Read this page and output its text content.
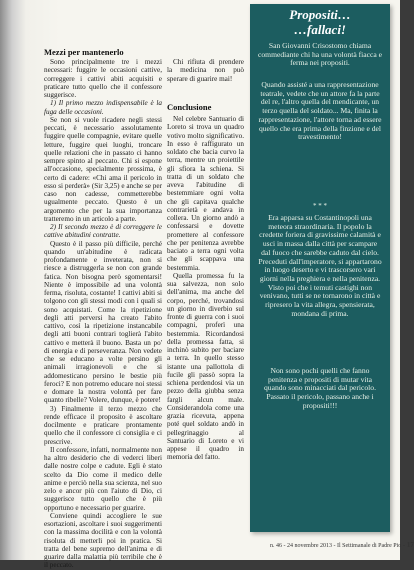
Mezzi per mantenerlo

Sono principalmente tre i mezzi necessari: fuggire le occasioni cattive, correggere i cattivi abiti acquisiti e praticare tutto quello che il confessore suggerisce.

1) Il primo mezzo indispensabile è la fuga delle occasioni.

Se non si vuole ricadere negli stessi peccati, è necessario assolutamente fuggire quelle compagnie, evitare quelle letture, fuggire quei luoghi, troncare quelle relazioni che in passato ci hanno sempre spinto al peccato. Chi si espone all'occasione, specialmente prossima, è certo di cadere: «Chi ama il pericolo in esso si perderà» (Sir 3,25) e anche se per caso non cadesse, commetterebbe ugualmente peccato. Questo è un argomento che per la sua importanza tratteremo in un articolo a parte.

2) Il secondo mezzo è di correggere le cattive abitudini contratte.

Questo è il passo più difficile, perché quando un'abitudine è radicata profondamente e inveterata, non si riesce a distruggerla se non con grande fatica. Non bisogna però sgomentarsi! Niente è impossibile ad una volontà ferma, risoluta, costante! I cattivi abiti si tolgono con gli stessi modi con i quali si sono acquistati. Come la ripetizione degli atti perversi ha creato l'abito cattivo, così la ripetizione instancabile degli atti buoni contrari toglierà l'abito cattivo e metterà il buono. Basta un po' di energia e di perseveranza. Non vedete che se educano a volte persino gli animali irragionevoli e che si addomesticano persino le bestie più feroci? E non potremo educare noi stessi e domare la nostra volontà per fare quanto ribelle? Volere, dunque, è potere!

3) Finalmente il terzo mezzo che rende efficace il proposito è ascoltare docilmente e praticare prontamente quello che il confessore ci consiglia e ci prescrive.

Il confessore, infatti, normalmente non ha altro desiderio che di vederci liberi dalle nostre colpe e cadute. Egli è stato scelto da Dio come il medico delle anime e perciò nella sua scienza, nel suo zelo e ancor più con l'aiuto di Dio, ci suggerisce tutto quello che è più opportuno e necessario per guarire.

Conviene quindi accogliere le sue esortazioni, ascoltare i suoi suggerimenti con la massima docilità e con la volontà risoluta di metterli poi in pratica. Si tratta del bene supremo dell'anima e di guarire dalla malattia più terribile che è il peccato.

Chi rifiuta di prendere la medicina non può sperare di guarire mai!

Conclusione

Nel celebre Santuario di Loreto si trova un quadro votivo molto significativo. In esso è raffigurato un soldato che bacia curvo la terra, mentre un proiettile gli sfiora la schiena. Si tratta di un soldato che aveva l'abitudine di bestemmiare ogni volta che gli capitava qualche contrarietà e andava in collera. Un giorno andò a confessarsi e dovette promettere al confessore che per penitenza avrebbe baciato a terra ogni volta che gli scappava una bestemmia.

Quella promessa fu la sua salvezza, non solo dell'anima, ma anche del corpo, perché, trovandosi un giorno in diverbio sul fronte di guerra con i suoi compagni, proferì una bestemmia. Ricordandosi della promessa fatta, si inchinò subito per baciare a terra. In quello stesso istante una pallottola di fucile gli passò sopra la schiena perdendosi via un pezzo della giubba senza fargli alcun male. Considerandola come una grazia ricevuta, appena poté quel soldato andò in pellegrinaggio al Santuario di Loreto e vi appese il quadro in memoria del fatto.

Propositi…
…fallaci!

San Giovanni Crisostomo chiama commediante chi ha una volontà fiacca e ferma nei propositi.

Quando assisté a una rappresentazione teatrale, vedete che un attore fa la parte del re, l'altro quella del mendicante, un terzo quella del soldato... Ma, finita la rappresentazione, l'attore torna ad essere quello che era prima della finzione e del travestimento!

* * *

Era apparsa su Costantinopoli una meteora straordinaria. Il popolo la credette foriera di gravissime calamità e usci in massa dalla città per scampare dal fuoco che sarebbe caduto dal cielo. Preceduti dall'imperatore, si appartarono in luogo deserto e vi trascorsero vari giorni nella preghiera e nella penitenza. Visto poi che i temuti castighi non venivano, tutti se ne tornarono in città e ripresero la vita allegra, spensierata, mondana di prima.

Non sono pochi quelli che fanno penitenza e propositi di mutar vita quando sono minacciati dal pericolo. Passato il pericolo, passano anche i propositi!!!

n. 46 - 24 novembre 2013 - Il Settimanale di Padre Pio - 17
